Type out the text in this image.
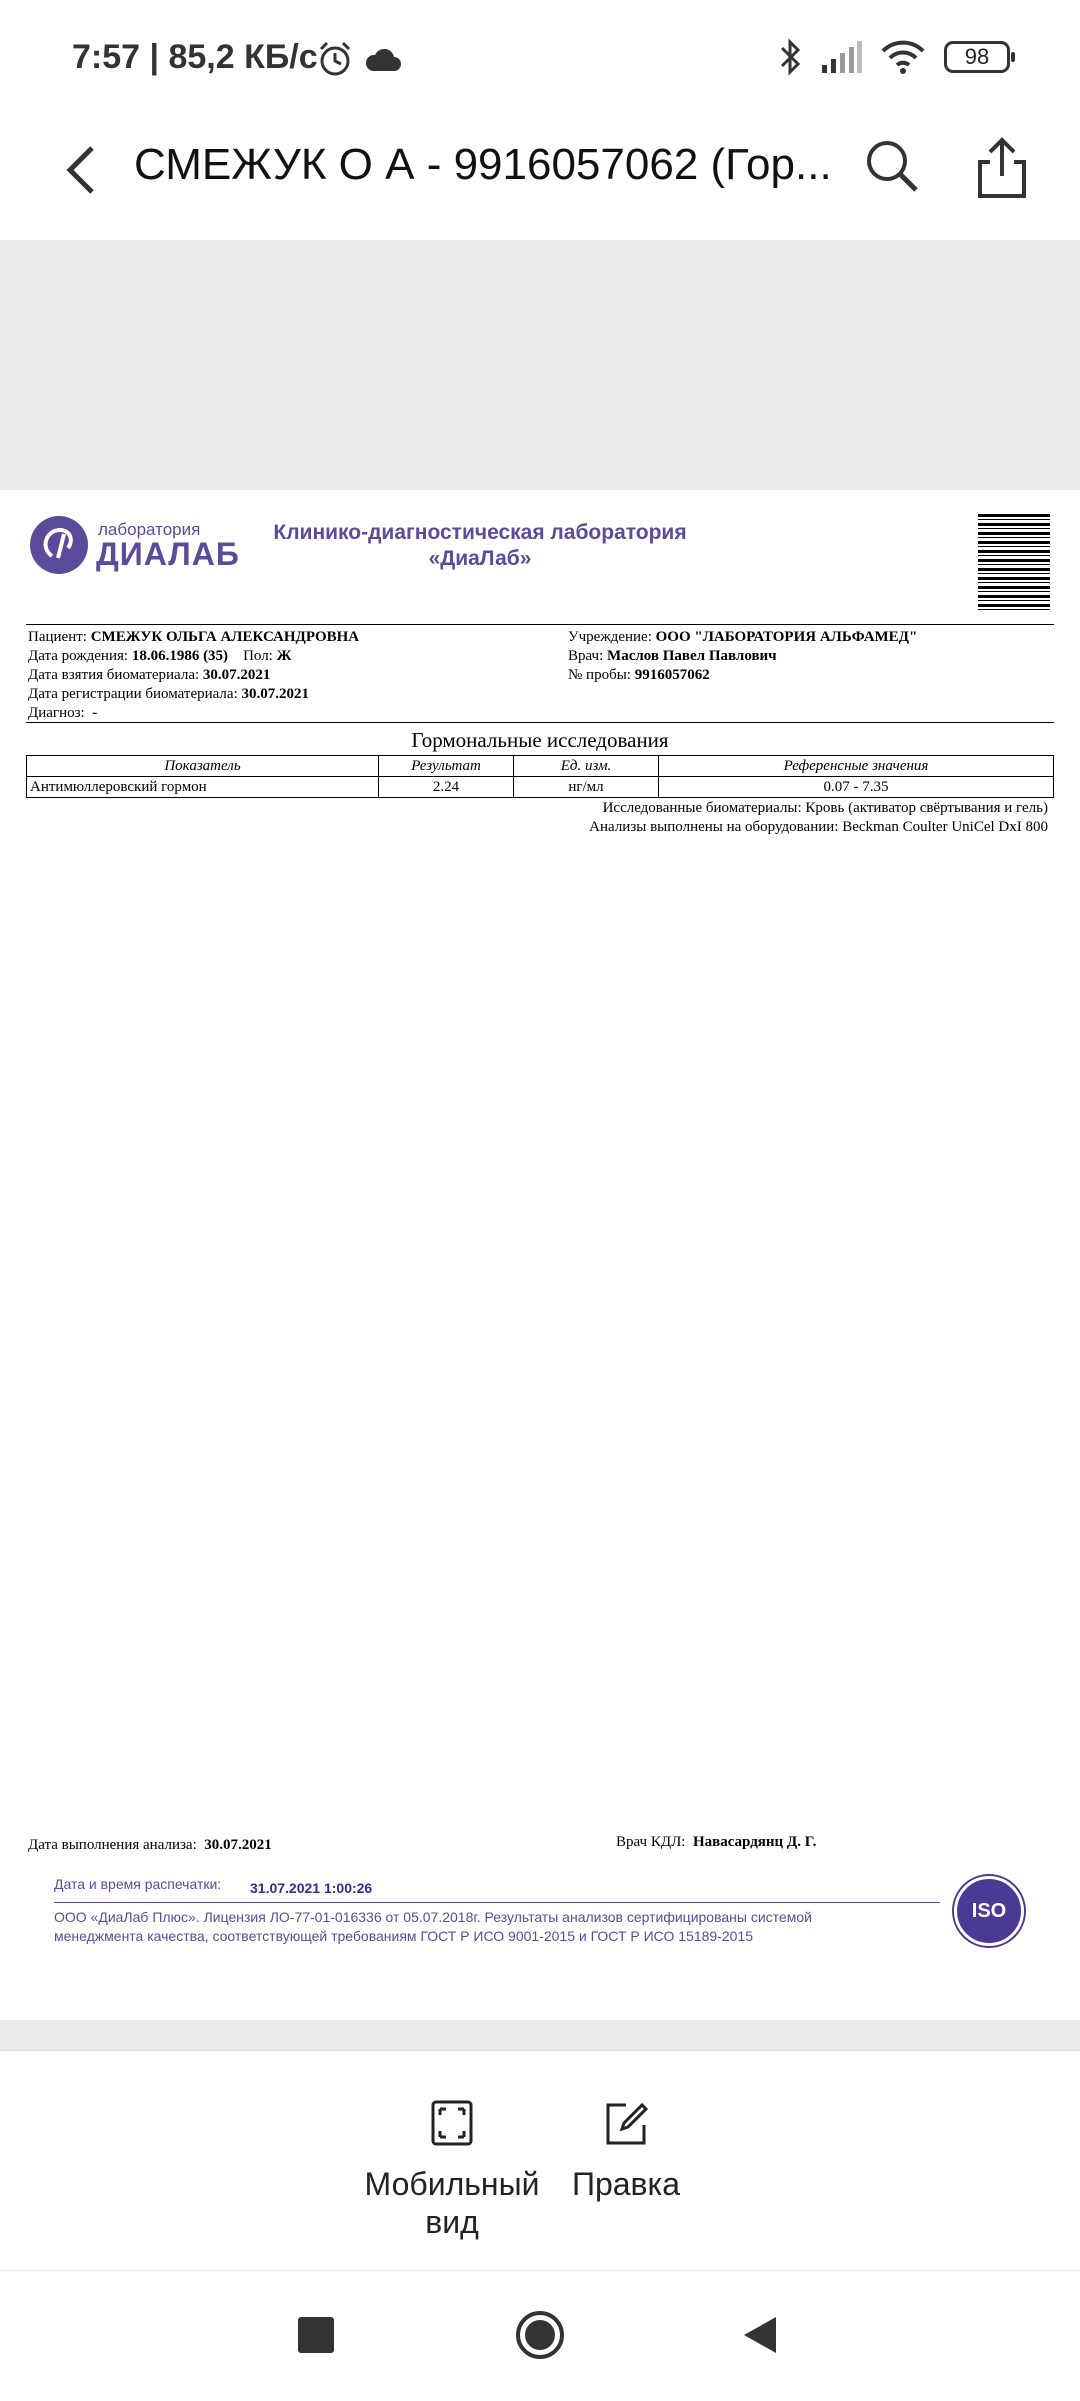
7:57 | 85,2 КБ/с	98
СМЕЖУК О А - 9916057062 (Гор...
лаборатория
ДИАЛАБ
Клинико-диагностическая лаборатория
«ДиаЛаб»
Пациент: СМЕЖУК ОЛЬГА АЛЕКСАНДРОВНА
Дата рождения: 18.06.1986 (35) Пол: Ж
Дата взятия биоматериала: 30.07.2021
Дата регистрации биоматериала: 30.07.2021
Диагноз: -
Учреждение: ООО "ЛАБОРАТОРИЯ АЛЬФАМЕД"
Врач: Маслов Павел Павлович
№ пробы: 9916057062
Гормональные исследования
Показатель	Результат	Ед. изм.	Референсные значения
Антимюллеровский гормон	2.24	нг/мл	0.07 - 7.35
Исследованные биоматериалы: Кровь (активатор свёртывания и гель)
Анализы выполнены на оборудовании: Beckman Coulter UniCel DxI 800
Дата выполнения анализа: 30.07.2021	Врач КДЛ: Навасардянц Д. Г.
Дата и время распечатки: 31.07.2021 1:00:26
ООО «ДиаЛаб Плюс». Лицензия ЛО-77-01-016336 от 05.07.2018г. Результаты анализов сертифицированы системой
менеджмента качества, соответствующей требованиям ГОСТ Р ИСО 9001-2015 и ГОСТ Р ИСО 15189-2015
ISO
Мобильный
вид
Правка
